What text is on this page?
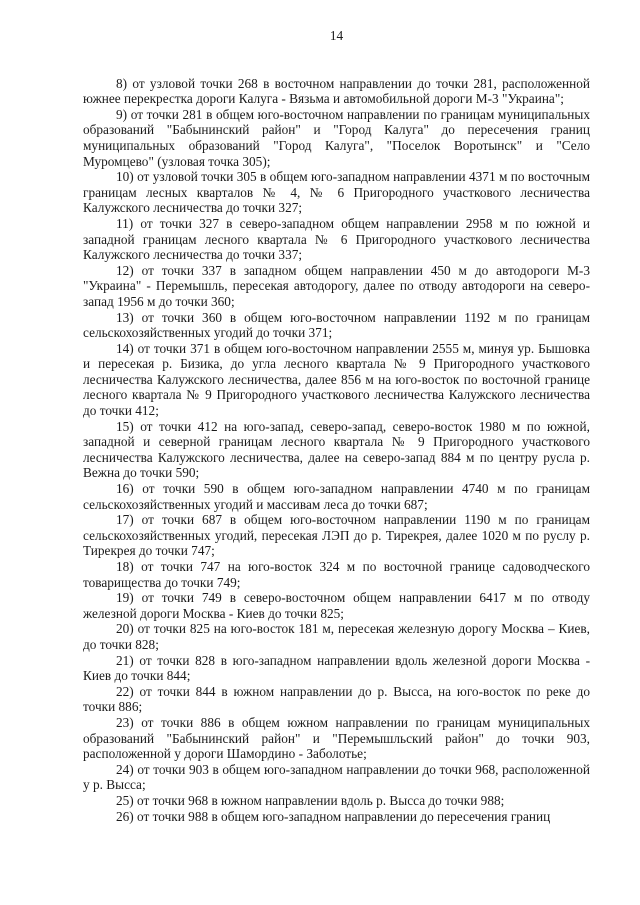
14

8) от узловой точки 268 в восточном направлении до точки 281, расположенной южнее перекрестка дороги Калуга - Вязьма и автомобильной дороги М-3 "Украина";

9) от точки 281 в общем юго-восточном направлении по границам муниципальных образований "Бабынинский район" и "Город Калуга" до пересечения границ муниципальных образований "Город Калуга", "Поселок Воротынск" и "Село Муромцево" (узловая точка 305);

10) от узловой точки 305 в общем юго-западном направлении 4371 м по восточным границам лесных кварталов № 4, № 6 Пригородного участкового лесничества Калужского лесничества до точки 327;

11) от точки 327 в северо-западном общем направлении 2958 м по южной и западной границам лесного квартала № 6 Пригородного участкового лесничества Калужского лесничества до точки 337;

12) от точки 337 в западном общем направлении 450 м до автодороги М-3 "Украина" - Перемышль, пересекая автодорогу, далее по отводу автодороги на северо-запад 1956 м до точки 360;

13) от точки 360 в общем юго-восточном направлении 1192 м по границам сельскохозяйственных угодий до точки 371;

14) от точки 371 в общем юго-восточном направлении 2555 м, минуя ур. Бышовка и пересекая р. Бизика, до угла лесного квартала № 9 Пригородного участкового лесничества Калужского лесничества, далее 856 м на юго-восток по восточной границе лесного квартала № 9 Пригородного участкового лесничества Калужского лесничества до точки 412;

15) от точки 412 на юго-запад, северо-запад, северо-восток 1980 м по южной, западной и северной границам лесного квартала № 9 Пригородного участкового лесничества Калужского лесничества, далее на северо-запад 884 м по центру русла р. Вежна до точки 590;

16) от точки 590 в общем юго-западном направлении 4740 м по границам сельскохозяйственных угодий и массивам леса до точки 687;

17) от точки 687 в общем юго-восточном направлении 1190 м по границам сельскохозяйственных угодий, пересекая ЛЭП до р. Тирекрея, далее 1020 м по руслу р. Тирекрея до точки 747;

18) от точки 747 на юго-восток 324 м по восточной границе садоводческого товарищества до точки 749;

19) от точки 749 в северо-восточном общем направлении 6417 м по отводу железной дороги Москва - Киев до точки 825;

20) от точки 825 на юго-восток 181 м, пересекая железную дорогу Москва – Киев, до точки 828;

21) от точки 828 в юго-западном направлении вдоль железной дороги Москва - Киев до точки 844;

22) от точки 844 в южном направлении до р. Высса, на юго-восток по реке до точки 886;

23) от точки 886 в общем южном направлении по границам муниципальных образований "Бабынинский район" и "Перемышльский район" до точки 903, расположенной у дороги Шамордино - Заболотье;

24) от точки 903 в общем юго-западном направлении до точки 968, расположенной у р. Высса;

25) от точки 968 в южном направлении вдоль р. Высса до точки 988;

26) от точки 988 в общем юго-западном направлении до пересечения границ
